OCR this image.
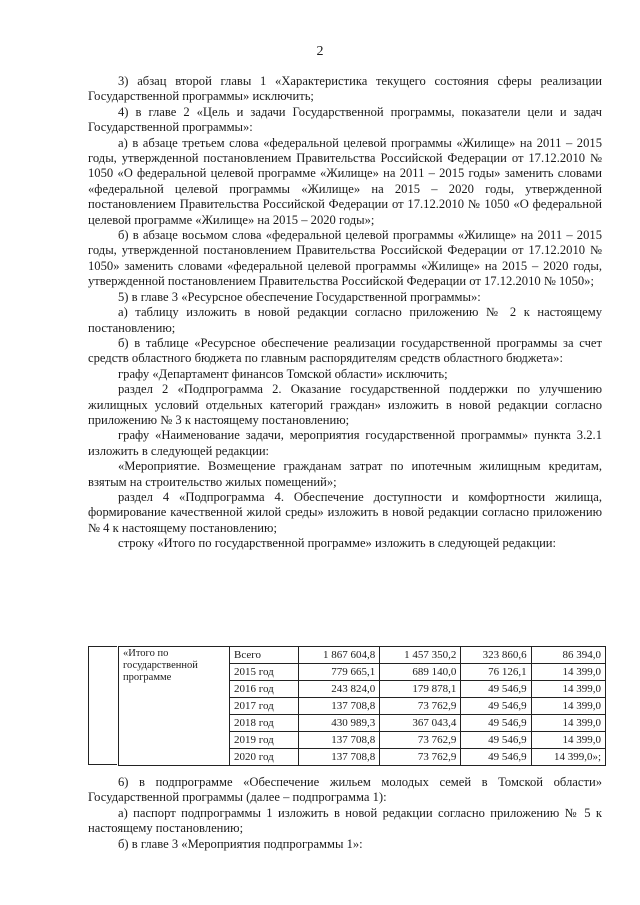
2

3) абзац второй главы 1 «Характеристика текущего состояния сферы реализации Государственной программы» исключить;

4) в главе 2 «Цель и задачи Государственной программы, показатели цели и задач Государственной программы»:

а) в абзаце третьем слова «федеральной целевой программы «Жилище» на 2011 – 2015 годы, утвержденной постановлением Правительства Российской Федерации от 17.12.2010 № 1050 «О федеральной целевой программе «Жилище» на 2011 – 2015 годы» заменить словами «федеральной целевой программы «Жилище» на 2015 – 2020 годы, утвержденной постановлением Правительства Российской Федерации от 17.12.2010 № 1050 «О федеральной целевой программе «Жилище» на 2015 – 2020 годы»;

б) в абзаце восьмом слова «федеральной целевой программы «Жилище» на 2011 – 2015 годы, утвержденной постановлением Правительства Российской Федерации от 17.12.2010 № 1050» заменить словами «федеральной целевой программы «Жилище» на 2015 – 2020 годы, утвержденной постановлением Правительства Российской Федерации от 17.12.2010 № 1050»;

5) в главе 3 «Ресурсное обеспечение Государственной программы»:

а) таблицу изложить в новой редакции согласно приложению № 2 к настоящему постановлению;

б) в таблице «Ресурсное обеспечение реализации государственной программы за счет средств областного бюджета по главным распорядителям средств областного бюджета»:

графу «Департамент финансов Томской области» исключить;

раздел 2 «Подпрограмма 2. Оказание государственной поддержки по улучшению жилищных условий отдельных категорий граждан» изложить в новой редакции согласно приложению № 3 к настоящему постановлению;

графу «Наименование задачи, мероприятия государственной программы» пункта 3.2.1 изложить в следующей редакции:

«Мероприятие. Возмещение гражданам затрат по ипотечным жилищным кредитам, взятым на строительство жилых помещений»;

раздел 4 «Подпрограмма 4. Обеспечение доступности и комфортности жилища, формирование качественной жилой среды» изложить в новой редакции согласно приложению № 4 к настоящему постановлению;

строку «Итого по государственной программе» изложить в следующей редакции:

«Итого по государственной программе	Всего	1 867 604,8	1 457 350,2	323 860,6	86 394,0
	2015 год	779 665,1	689 140,0	76 126,1	14 399,0
	2016 год	243 824,0	179 878,1	49 546,9	14 399,0
	2017 год	137 708,8	73 762,9	49 546,9	14 399,0
	2018 год	430 989,3	367 043,4	49 546,9	14 399,0
	2019 год	137 708,8	73 762,9	49 546,9	14 399,0
	2020 год	137 708,8	73 762,9	49 546,9	14 399,0»;

6) в подпрограмме «Обеспечение жильем молодых семей в Томской области» Государственной программы (далее – подпрограмма 1):

а) паспорт подпрограммы 1 изложить в новой редакции согласно приложению № 5 к настоящему постановлению;

б) в главе 3 «Мероприятия подпрограммы 1»:
